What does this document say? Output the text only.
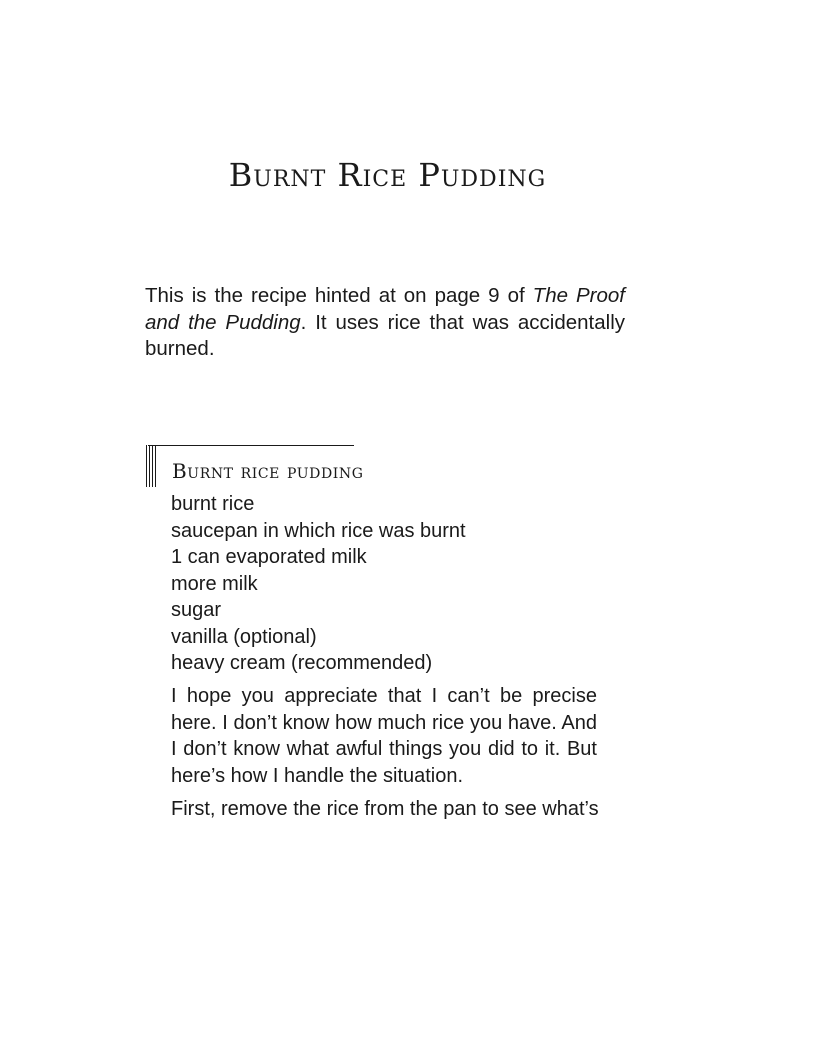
Burnt Rice Pudding

This is the recipe hinted at on page 9 of The Proof and the Pudding. It uses rice that was accidentally burned.

Burnt rice pudding
burnt rice
saucepan in which rice was burnt
1 can evaporated milk
more milk
sugar
vanilla (optional)
heavy cream (recommended)

I hope you appreciate that I can’t be precise here. I don’t know how much rice you have. And I don’t know what awful things you did to it. But here’s how I handle the situation.

First, remove the rice from the pan to see what’s
